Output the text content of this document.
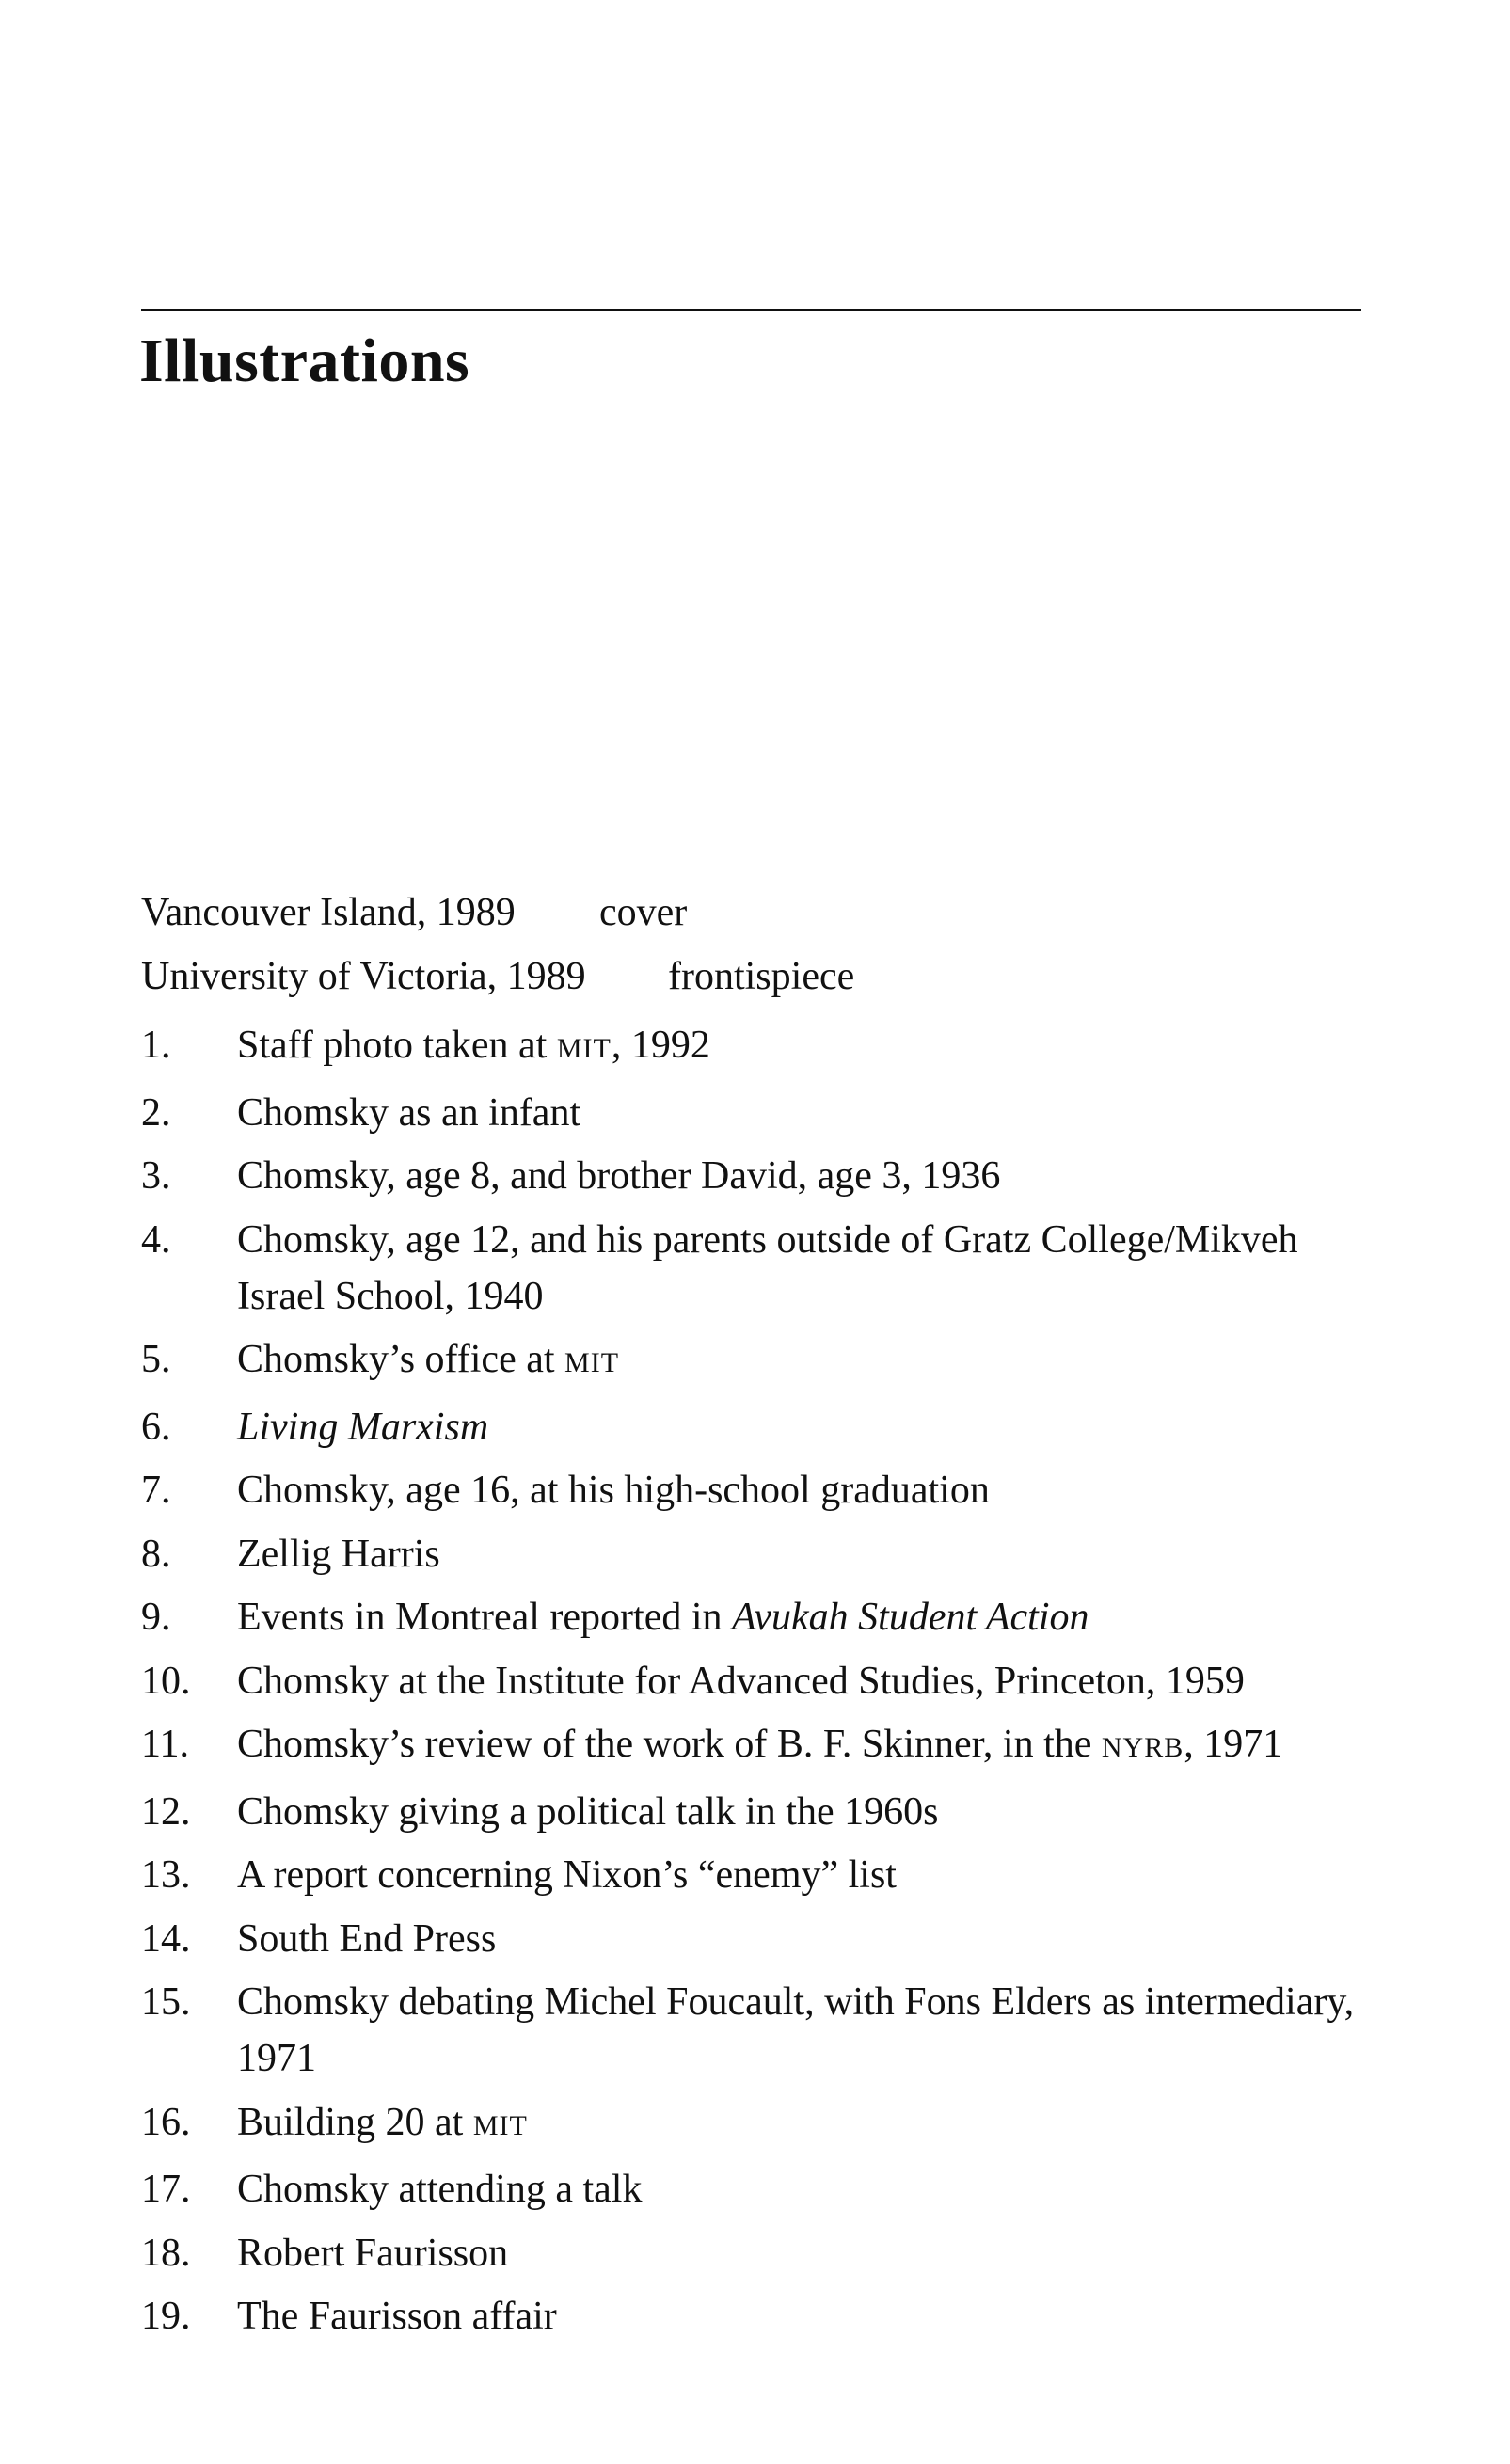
Illustrations
Vancouver Island, 1989 cover
University of Victoria, 1989 frontispiece
1. Staff photo taken at MIT, 1992
2. Chomsky as an infant
3. Chomsky, age 8, and brother David, age 3, 1936
4. Chomsky, age 12, and his parents outside of Gratz College/Mikveh Israel School, 1940
5. Chomsky’s office at MIT
6. Living Marxism
7. Chomsky, age 16, at his high-school graduation
8. Zellig Harris
9. Events in Montreal reported in Avukah Student Action
10. Chomsky at the Institute for Advanced Studies, Princeton, 1959
11. Chomsky’s review of the work of B. F. Skinner, in the NYRB, 1971
12. Chomsky giving a political talk in the 1960s
13. A report concerning Nixon’s “enemy” list
14. South End Press
15. Chomsky debating Michel Foucault, with Fons Elders as intermediary, 1971
16. Building 20 at MIT
17. Chomsky attending a talk
18. Robert Faurisson
19. The Faurisson affair
